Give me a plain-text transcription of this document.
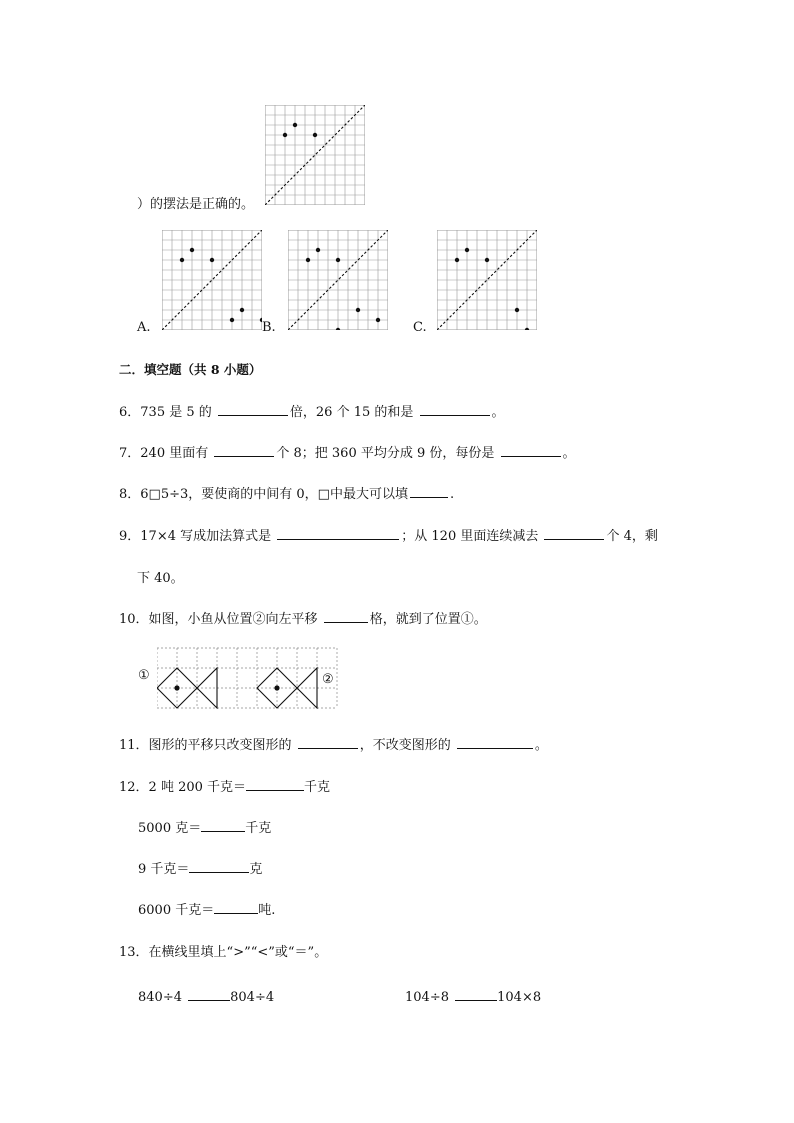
）的摆法是正确的。
A.	B.	C.
二．填空题（共 8 小题）
6．735 是 5 的	倍，26 个 15 的和是	。
7．240 里面有	个 8；把 360 平均分成 9 份，每份是	。
8．6□5÷3，要使商的中间有 0，□中最大可以填	.
9．17×4 写成加法算式是	；从 120 里面连续减去	个 4，剩
下 40。
10．如图，小鱼从位置②向左平移	格，就到了位置①。
①	②
11．图形的平移只改变图形的	，不改变图形的	。
12．2 吨 200 千克＝	千克
5000 克＝	千克
9 千克＝	克
6000 千克＝	吨.
13．在横线里填上“>”“<”或“＝”。
840÷4	804÷4	104÷8	104×8
